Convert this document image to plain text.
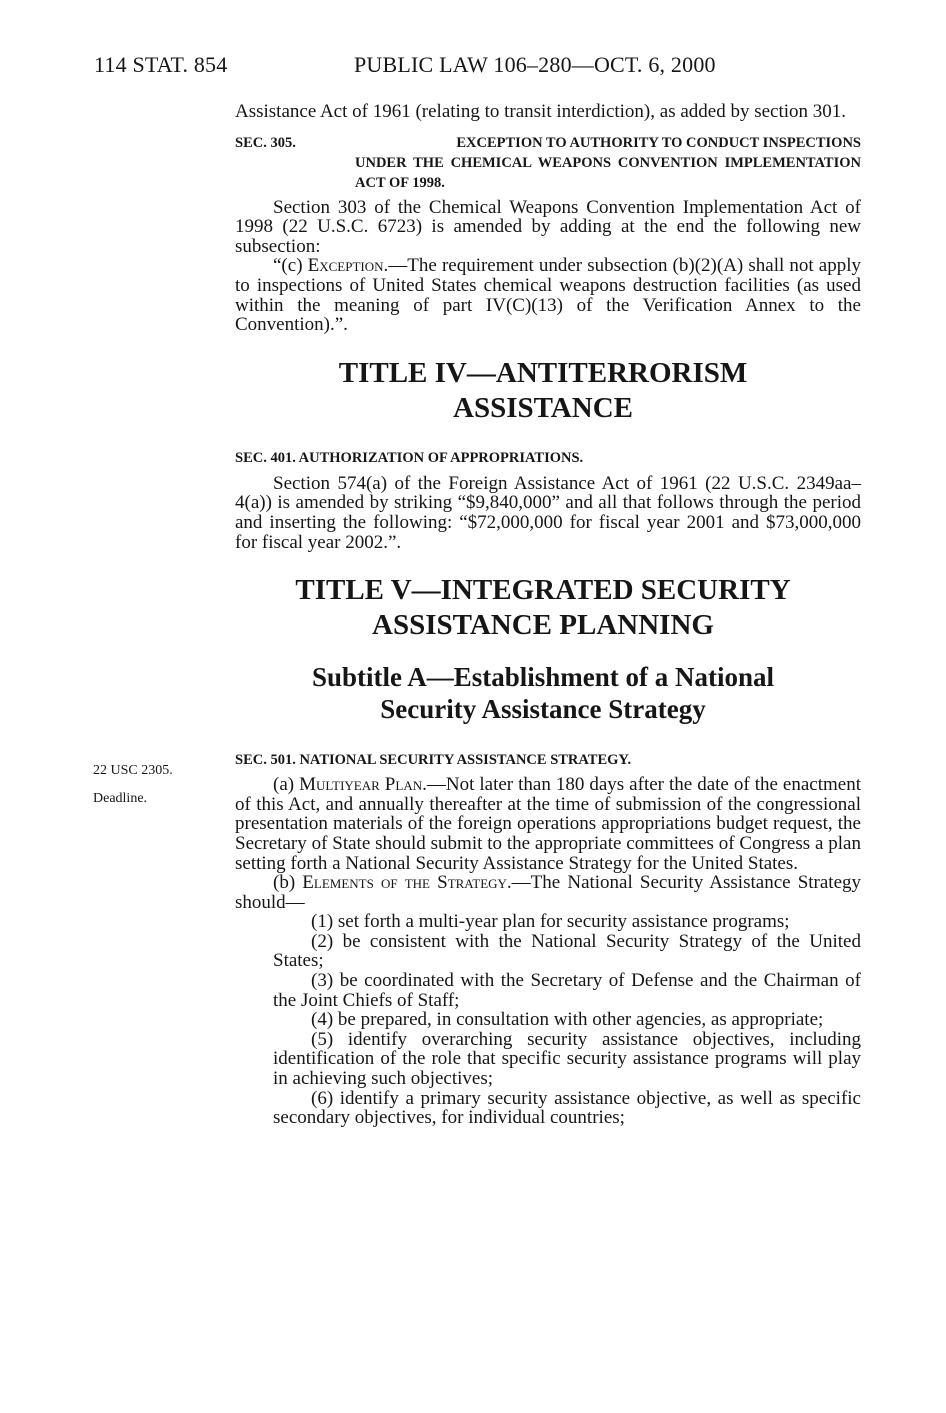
114 STAT. 854	PUBLIC LAW 106–280—OCT. 6, 2000

Assistance Act of 1961 (relating to transit interdiction), as added by section 301.

SEC. 305.	EXCEPTION TO AUTHORITY TO CONDUCT INSPECTIONS
UNDER THE CHEMICAL WEAPONS CONVENTION IMPLEMENTATION ACT OF 1998.

Section 303 of the Chemical Weapons Convention Implementation Act of 1998 (22 U.S.C. 6723) is amended by adding at the end the following new subsection:

“(c) Exception.—The requirement under subsection (b)(2)(A) shall not apply to inspections of United States chemical weapons destruction facilities (as used within the meaning of part IV(C)(13) of the Verification Annex to the Convention).”.

TITLE IV—ANTITERRORISM
ASSISTANCE
SEC. 401. AUTHORIZATION OF APPROPRIATIONS.

Section 574(a) of the Foreign Assistance Act of 1961 (22 U.S.C. 2349aa–4(a)) is amended by striking “$9,840,000” and all that follows through the period and inserting the following: “$72,000,000 for fiscal year 2001 and $73,000,000 for fiscal year 2002.”.

TITLE V—INTEGRATED SECURITY
ASSISTANCE PLANNING
Subtitle A—Establishment of a National
Security Assistance Strategy
SEC. 501. NATIONAL SECURITY ASSISTANCE STRATEGY.

(a) Multiyear Plan.—Not later than 180 days after the date of the enactment of this Act, and annually thereafter at the time of submission of the congressional presentation materials of the foreign operations appropriations budget request, the Secretary of State should submit to the appropriate committees of Congress a plan setting forth a National Security Assistance Strategy for the United States.

(b) Elements of the Strategy.—The National Security Assistance Strategy should—

(1) set forth a multi-year plan for security assistance programs;

(2) be consistent with the National Security Strategy of the United States;

(3) be coordinated with the Secretary of Defense and the Chairman of the Joint Chiefs of Staff;

(4) be prepared, in consultation with other agencies, as appropriate;

(5) identify overarching security assistance objectives, including identification of the role that specific security assistance programs will play in achieving such objectives;

(6) identify a primary security assistance objective, as well as specific secondary objectives, for individual countries;

22 USC 2305.
Deadline.
